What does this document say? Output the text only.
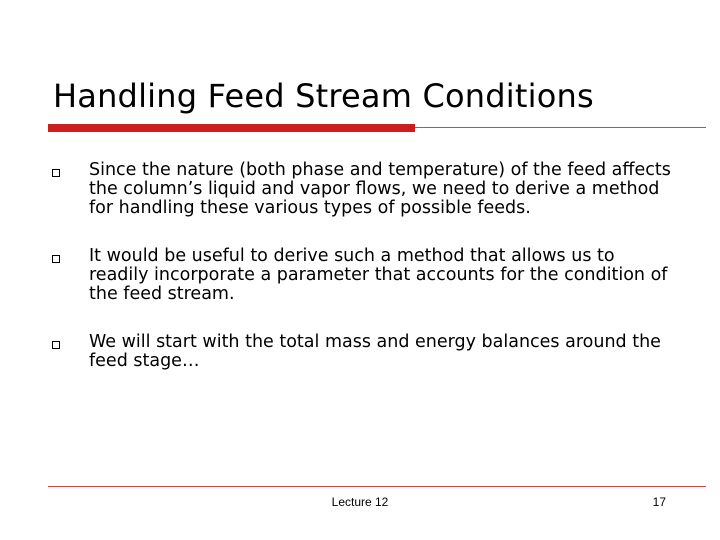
Handling Feed Stream Conditions
Since the nature (both phase and temperature) of the feed affects the column’s liquid and vapor flows, we need to derive a method for handling these various types of possible feeds.
It would be useful to derive such a method that allows us to readily incorporate a parameter that accounts for the condition of the feed stream.
We will start with the total mass and energy balances around the feed stage…
Lecture 12	17
